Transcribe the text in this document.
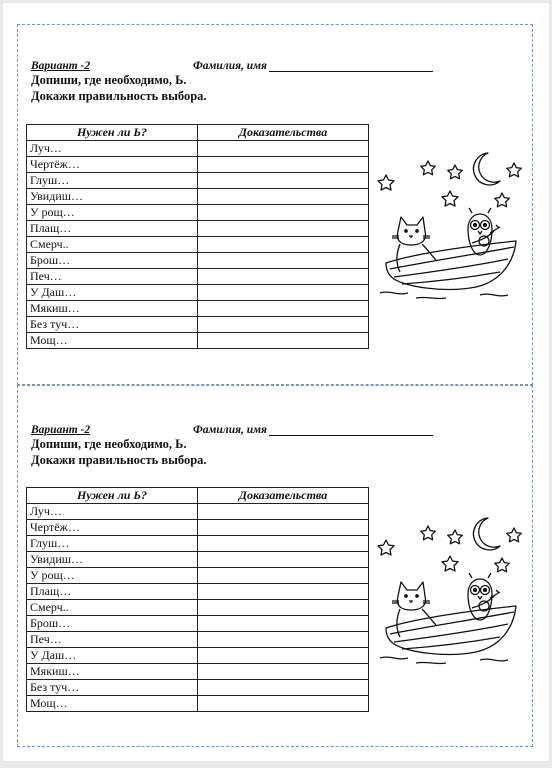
Вариант -2	Фамилия, имя
Допиши, где необходимо, Ь.
Докажи правильность выбора.
Нужен ли Ь?	Доказательства
Луч…	
Чертёж…	
Глуш…	
Увидиш…	
У рощ…	
Плащ…	
Смерч..	
Брош…	
Печ…	
У Даш…	
Мякиш…	
Без туч…	
Мощ…	
Вариант -2	Фамилия, имя
Допиши, где необходимо, Ь.
Докажи правильность выбора.
Нужен ли Ь?	Доказательства
Луч…	
Чертёж…	
Глуш…	
Увидиш…	
У рощ…	
Плащ…	
Смерч..	
Брош…	
Печ…	
У Даш…	
Мякиш…	
Без туч…	
Мощ…	
